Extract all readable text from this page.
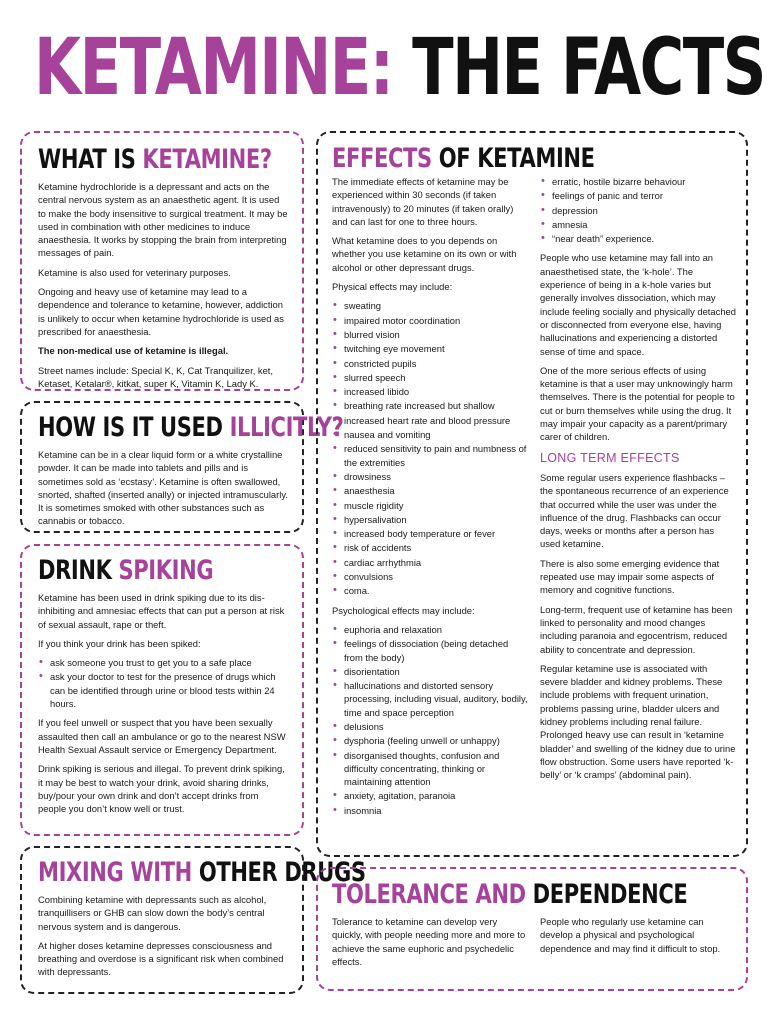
KETAMINE: THE FACTS
WHAT IS KETAMINE?

Ketamine hydrochloride is a depressant and acts on the central nervous system as an anaesthetic agent. It is used to make the body insensitive to surgical treatment. It may be used in combination with other medicines to induce anaesthesia. It works by stopping the brain from interpreting messages of pain.

Ketamine is also used for veterinary purposes.

Ongoing and heavy use of ketamine may lead to a dependence and tolerance to ketamine, however, addiction is unlikely to occur when ketamine hydrochloride is used as prescribed for anaesthesia.

The non-medical use of ketamine is illegal.

Street names include: Special K, K, Cat Tranquilizer, ket, Ketaset, Ketalar®, kitkat, super K, Vitamin K, Lady K.

HOW IS IT USED ILLICITLY?

Ketamine can be in a clear liquid form or a white crystalline powder. It can be made into tablets and pills and is sometimes sold as ‘ecstasy’. Ketamine is often swallowed, snorted, shafted (inserted anally) or injected intramuscularly. It is sometimes smoked with other substances such as cannabis or tobacco.

DRINK SPIKING

Ketamine has been used in drink spiking due to its dis-inhibiting and amnesiac effects that can put a person at risk of sexual assault, rape or theft.

If you think your drink has been spiked:

• ask someone you trust to get you to a safe place
• ask your doctor to test for the presence of drugs which can be identified through urine or blood tests within 24 hours.

If you feel unwell or suspect that you have been sexually assaulted then call an ambulance or go to the nearest NSW Health Sexual Assault service or Emergency Department.

Drink spiking is serious and illegal. To prevent drink spiking, it may be best to watch your drink, avoid sharing drinks, buy/pour your own drink and don’t accept drinks from people you don’t know well or trust.

MIXING WITH OTHER DRUGS

Combining ketamine with depressants such as alcohol, tranquillisers or GHB can slow down the body’s central nervous system and is dangerous.

At higher doses ketamine depresses consciousness and breathing and overdose is a significant risk when combined with depressants.

EFFECTS OF KETAMINE

The immediate effects of ketamine may be experienced within 30 seconds (if taken intravenously) to 20 minutes (if taken orally) and can last for one to three hours.

What ketamine does to you depends on whether you use ketamine on its own or with alcohol or other depressant drugs.

Physical effects may include:

• sweating
• impaired motor coordination
• blurred vision
• twitching eye movement
• constricted pupils
• slurred speech
• increased libido
• breathing rate increased but shallow
• increased heart rate and blood pressure
• nausea and vomiting
• reduced sensitivity to pain and numbness of the extremities
• drowsiness
• anaesthesia
• muscle rigidity
• hypersalivation
• increased body temperature or fever
• risk of accidents
• cardiac arrhythmia
• convulsions
• coma.

Psychological effects may include:

• euphoria and relaxation
• feelings of dissociation (being detached from the body)
• disorientation
• hallucinations and distorted sensory processing, including visual, auditory, bodily, time and space perception
• delusions
• dysphoria (feeling unwell or unhappy)
• disorganised thoughts, confusion and difficulty concentrating, thinking or maintaining attention
• anxiety, agitation, paranoia
• insomnia
• erratic, hostile bizarre behaviour
• feelings of panic and terror
• depression
• amnesia
• “near death” experience.

People who use ketamine may fall into an anaesthetised state, the ‘k-hole’. The experience of being in a k-hole varies but generally involves dissociation, which may include feeling socially and physically detached or disconnected from everyone else, having hallucinations and experiencing a distorted sense of time and space.

One of the more serious effects of using ketamine is that a user may unknowingly harm themselves. There is the potential for people to cut or burn themselves while using the drug. It may impair your capacity as a parent/primary carer of children.

LONG TERM EFFECTS

Some regular users experience flashbacks – the spontaneous recurrence of an experience that occurred while the user was under the influence of the drug. Flashbacks can occur days, weeks or months after a person has used ketamine.

There is also some emerging evidence that repeated use may impair some aspects of memory and cognitive functions.

Long-term, frequent use of ketamine has been linked to personality and mood changes including paranoia and egocentrism, reduced ability to concentrate and depression.

Regular ketamine use is associated with severe bladder and kidney problems. These include problems with frequent urination, problems passing urine, bladder ulcers and kidney problems including renal failure. Prolonged heavy use can result in ‘ketamine bladder’ and swelling of the kidney due to urine flow obstruction. Some users have reported ‘k-belly’ or ‘k cramps’ (abdominal pain).

TOLERANCE AND DEPENDENCE

Tolerance to ketamine can develop very quickly, with people needing more and more to achieve the same euphoric and psychedelic effects.

People who regularly use ketamine can develop a physical and psychological dependence and may find it difficult to stop.
